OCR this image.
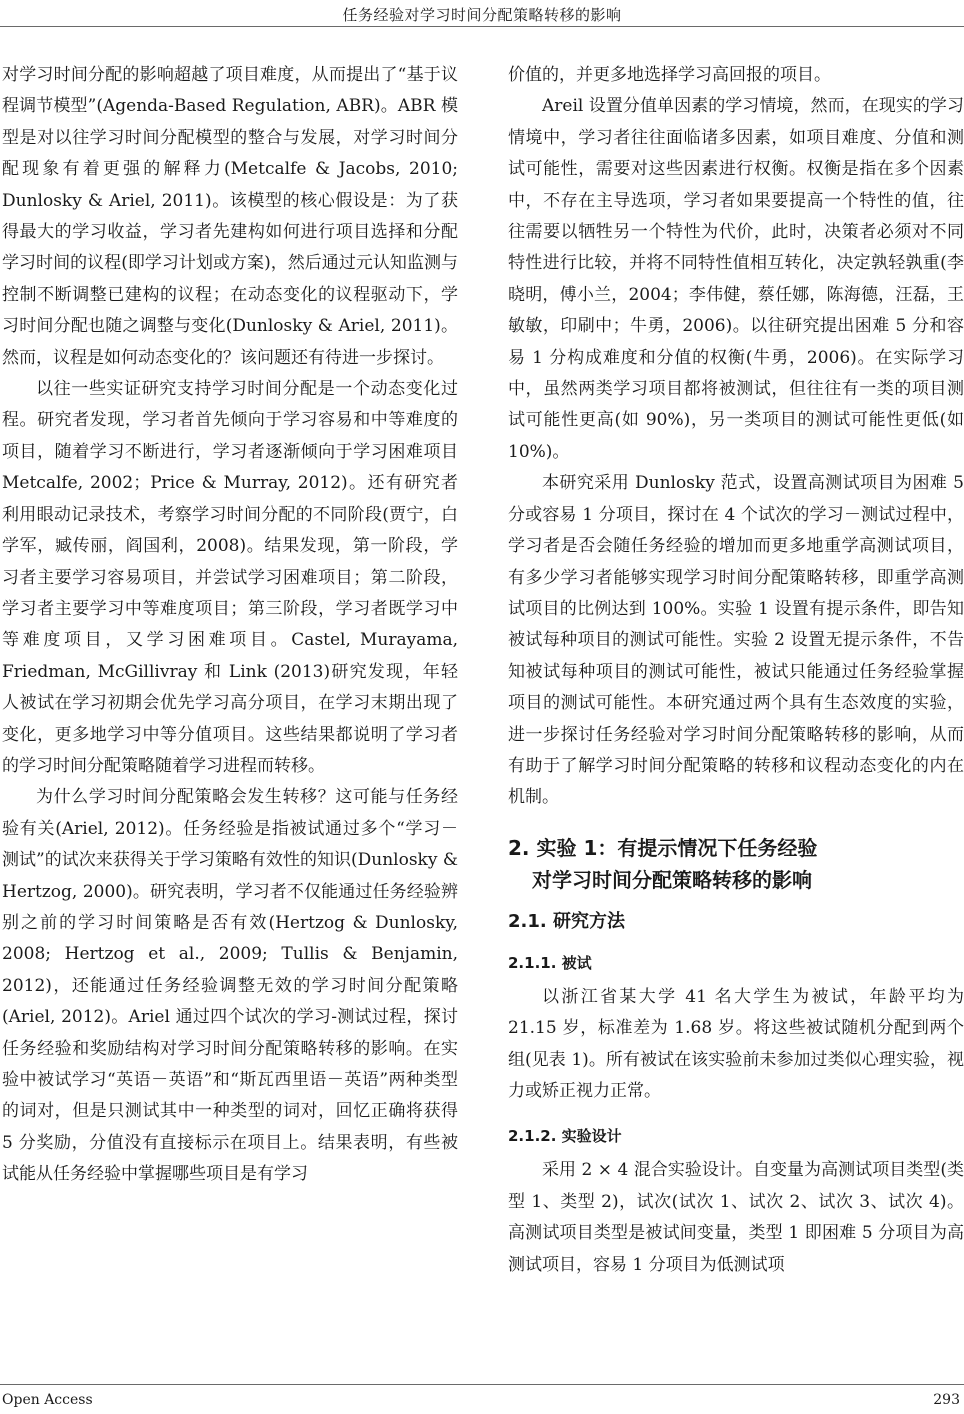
任务经验对学习时间分配策略转移的影响

对学习时间分配的影响超越了项目难度，从而提出了“基于议程调节模型”(Agenda-Based Regulation, ABR)。ABR 模型是对以往学习时间分配模型的整合与发展，对学习时间分配现象有着更强的解释力(Metcalfe & Jacobs, 2010; Dunlosky & Ariel, 2011)。该模型的核心假设是：为了获得最大的学习收益，学习者先建构如何进行项目选择和分配学习时间的议程(即学习计划或方案)，然后通过元认知监测与控制不断调整已建构的议程；在动态变化的议程驱动下，学习时间分配也随之调整与变化(Dunlosky & Ariel, 2011)。然而，议程是如何动态变化的？该问题还有待进一步探讨。

以往一些实证研究支持学习时间分配是一个动态变化过程。研究者发现，学习者首先倾向于学习容易和中等难度的项目，随着学习不断进行，学习者逐渐倾向于学习困难项目 Metcalfe, 2002；Price & Murray, 2012)。还有研究者利用眼动记录技术，考察学习时间分配的不同阶段(贾宁，白学军，臧传丽，阎国利，2008)。结果发现，第一阶段，学习者主要学习容易项目，并尝试学习困难项目；第二阶段，学习者主要学习中等难度项目；第三阶段，学习者既学习中等难度项目，又学习困难项目。Castel, Murayama, Friedman, McGillivray 和 Link (2013)研究发现，年轻人被试在学习初期会优先学习高分项目，在学习末期出现了变化，更多地学习中等分值项目。这些结果都说明了学习者的学习时间分配策略随着学习进程而转移。

为什么学习时间分配策略会发生转移？这可能与任务经验有关(Ariel, 2012)。任务经验是指被试通过多个“学习－测试”的试次来获得关于学习策略有效性的知识(Dunlosky & Hertzog, 2000)。研究表明，学习者不仅能通过任务经验辨别之前的学习时间策略是否有效(Hertzog & Dunlosky, 2008; Hertzog et al., 2009; Tullis & Benjamin, 2012)，还能通过任务经验调整无效的学习时间分配策略(Ariel, 2012)。Ariel 通过四个试次的学习-测试过程，探讨任务经验和奖励结构对学习时间分配策略转移的影响。在实验中被试学习“英语－英语”和“斯瓦西里语－英语”两种类型的词对，但是只测试其中一种类型的词对，回忆正确将获得 5 分奖励，分值没有直接标示在项目上。结果表明，有些被试能从任务经验中掌握哪些项目是有学习

价值的，并更多地选择学习高回报的项目。

Areil 设置分值单因素的学习情境，然而，在现实的学习情境中，学习者往往面临诸多因素，如项目难度、分值和测试可能性，需要对这些因素进行权衡。权衡是指在多个因素中，不存在主导选项，学习者如果要提高一个特性的值，往往需要以牺牲另一个特性为代价，此时，决策者必须对不同特性进行比较，并将不同特性值相互转化，决定孰轻孰重(李晓明，傅小兰，2004；李伟健，蔡任娜，陈海德，汪磊，王敏敏，印刷中；牛勇，2006)。以往研究提出困难 5 分和容易 1 分构成难度和分值的权衡(牛勇，2006)。在实际学习中，虽然两类学习项目都将被测试，但往往有一类的项目测试可能性更高(如 90%)，另一类项目的测试可能性更低(如 10%)。

本研究采用 Dunlosky 范式，设置高测试项目为困难 5 分或容易 1 分项目，探讨在 4 个试次的学习－测试过程中，学习者是否会随任务经验的增加而更多地重学高测试项目，有多少学习者能够实现学习时间分配策略转移，即重学高测试项目的比例达到 100%。实验 1 设置有提示条件，即告知被试每种项目的测试可能性。实验 2 设置无提示条件，不告知被试每种项目的测试可能性，被试只能通过任务经验掌握项目的测试可能性。本研究通过两个具有生态效度的实验，进一步探讨任务经验对学习时间分配策略转移的影响，从而有助于了解学习时间分配策略的转移和议程动态变化的内在机制。

2. 实验 1：有提示情况下任务经验
对学习时间分配策略转移的影响
2.1. 研究方法
2.1.1. 被试

以浙江省某大学 41 名大学生为被试，年龄平均为 21.15 岁，标准差为 1.68 岁。将这些被试随机分配到两个组(见表 1)。所有被试在该实验前未参加过类似心理实验，视力或矫正视力正常。

2.1.2. 实验设计

采用 2 × 4 混合实验设计。自变量为高测试项目类型(类型 1、类型 2)，试次(试次 1、试次 2、试次 3、试次 4)。高测试项目类型是被试间变量，类型 1 即困难 5 分项目为高测试项目，容易 1 分项目为低测试项

Open Access	293
